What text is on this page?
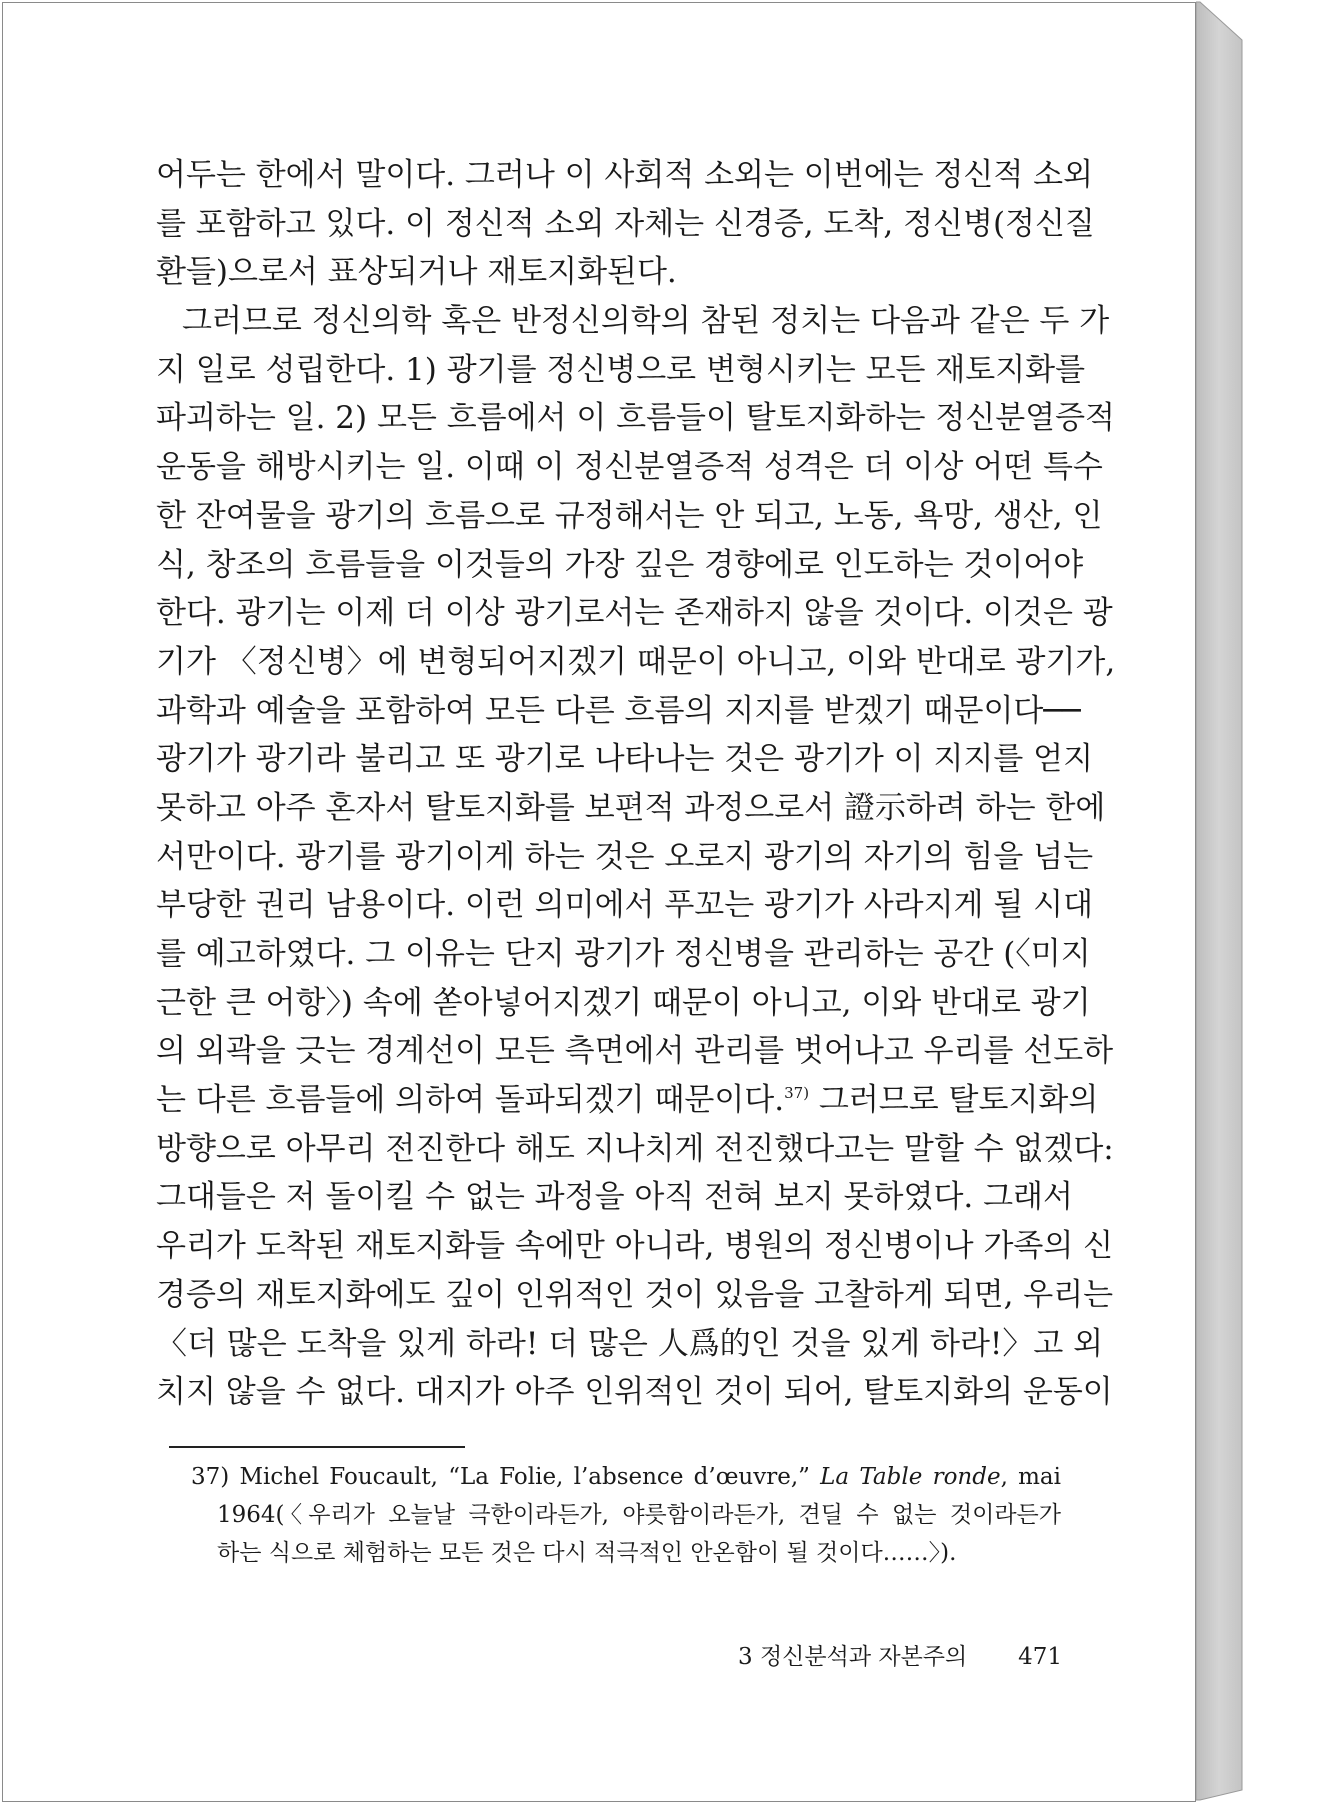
어두는 한에서 말이다. 그러나 이 사회적 소외는 이번에는 정신적 소외
를 포함하고 있다. 이 정신적 소외 자체는 신경증, 도착, 정신병(정신질
환들)으로서 표상되거나 재토지화된다.
그러므로 정신의학 혹은 반정신의학의 참된 정치는 다음과 같은 두 가
지 일로 성립한다. 1) 광기를 정신병으로 변형시키는 모든 재토지화를
파괴하는 일. 2) 모든 흐름에서 이 흐름들이 탈토지화하는 정신분열증적
운동을 해방시키는 일. 이때 이 정신분열증적 성격은 더 이상 어떤 특수
한 잔여물을 광기의 흐름으로 규정해서는 안 되고, 노동, 욕망, 생산, 인
식, 창조의 흐름들을 이것들의 가장 깊은 경향에로 인도하는 것이어야
한다. 광기는 이제 더 이상 광기로서는 존재하지 않을 것이다. 이것은 광
기가 〈정신병〉에 변형되어지겠기 때문이 아니고, 이와 반대로 광기가,
과학과 예술을 포함하여 모든 다른 흐름의 지지를 받겠기 때문이다──
광기가 광기라 불리고 또 광기로 나타나는 것은 광기가 이 지지를 얻지
못하고 아주 혼자서 탈토지화를 보편적 과정으로서 證示하려 하는 한에
서만이다. 광기를 광기이게 하는 것은 오로지 광기의 자기의 힘을 넘는
부당한 권리 남용이다. 이런 의미에서 푸꼬는 광기가 사라지게 될 시대
를 예고하였다. 그 이유는 단지 광기가 정신병을 관리하는 공간 (〈미지
근한 큰 어항〉) 속에 쏟아넣어지겠기 때문이 아니고, 이와 반대로 광기
의 외곽을 긋는 경계선이 모든 측면에서 관리를 벗어나고 우리를 선도하
는 다른 흐름들에 의하여 돌파되겠기 때문이다.$^{37)}$ 그러므로 탈토지화의
방향으로 아무리 전진한다 해도 지나치게 전진했다고는 말할 수 없겠다:
그대들은 저 돌이킬 수 없는 과정을 아직 전혀 보지 못하였다. 그래서
우리가 도착된 재토지화들 속에만 아니라, 병원의 정신병이나 가족의 신
경증의 재토지화에도 깊이 인위적인 것이 있음을 고찰하게 되면, 우리는
〈더 많은 도착을 있게 하라! 더 많은 人爲的인 것을 있게 하라!〉고 외
치지 않을 수 없다. 대지가 아주 인위적인 것이 되어, 탈토지화의 운동이
37) Michel Foucault, “La Folie, l’absence d’œuvre,” La Table ronde, mai
1964(〈우리가 오늘날 극한이라든가, 야릇함이라든가, 견딜 수 없는 것이라든가
하는 식으로 체험하는 모든 것은 다시 적극적인 안온함이 될 것이다……〉).
3 정신분석과 자본주의 471
